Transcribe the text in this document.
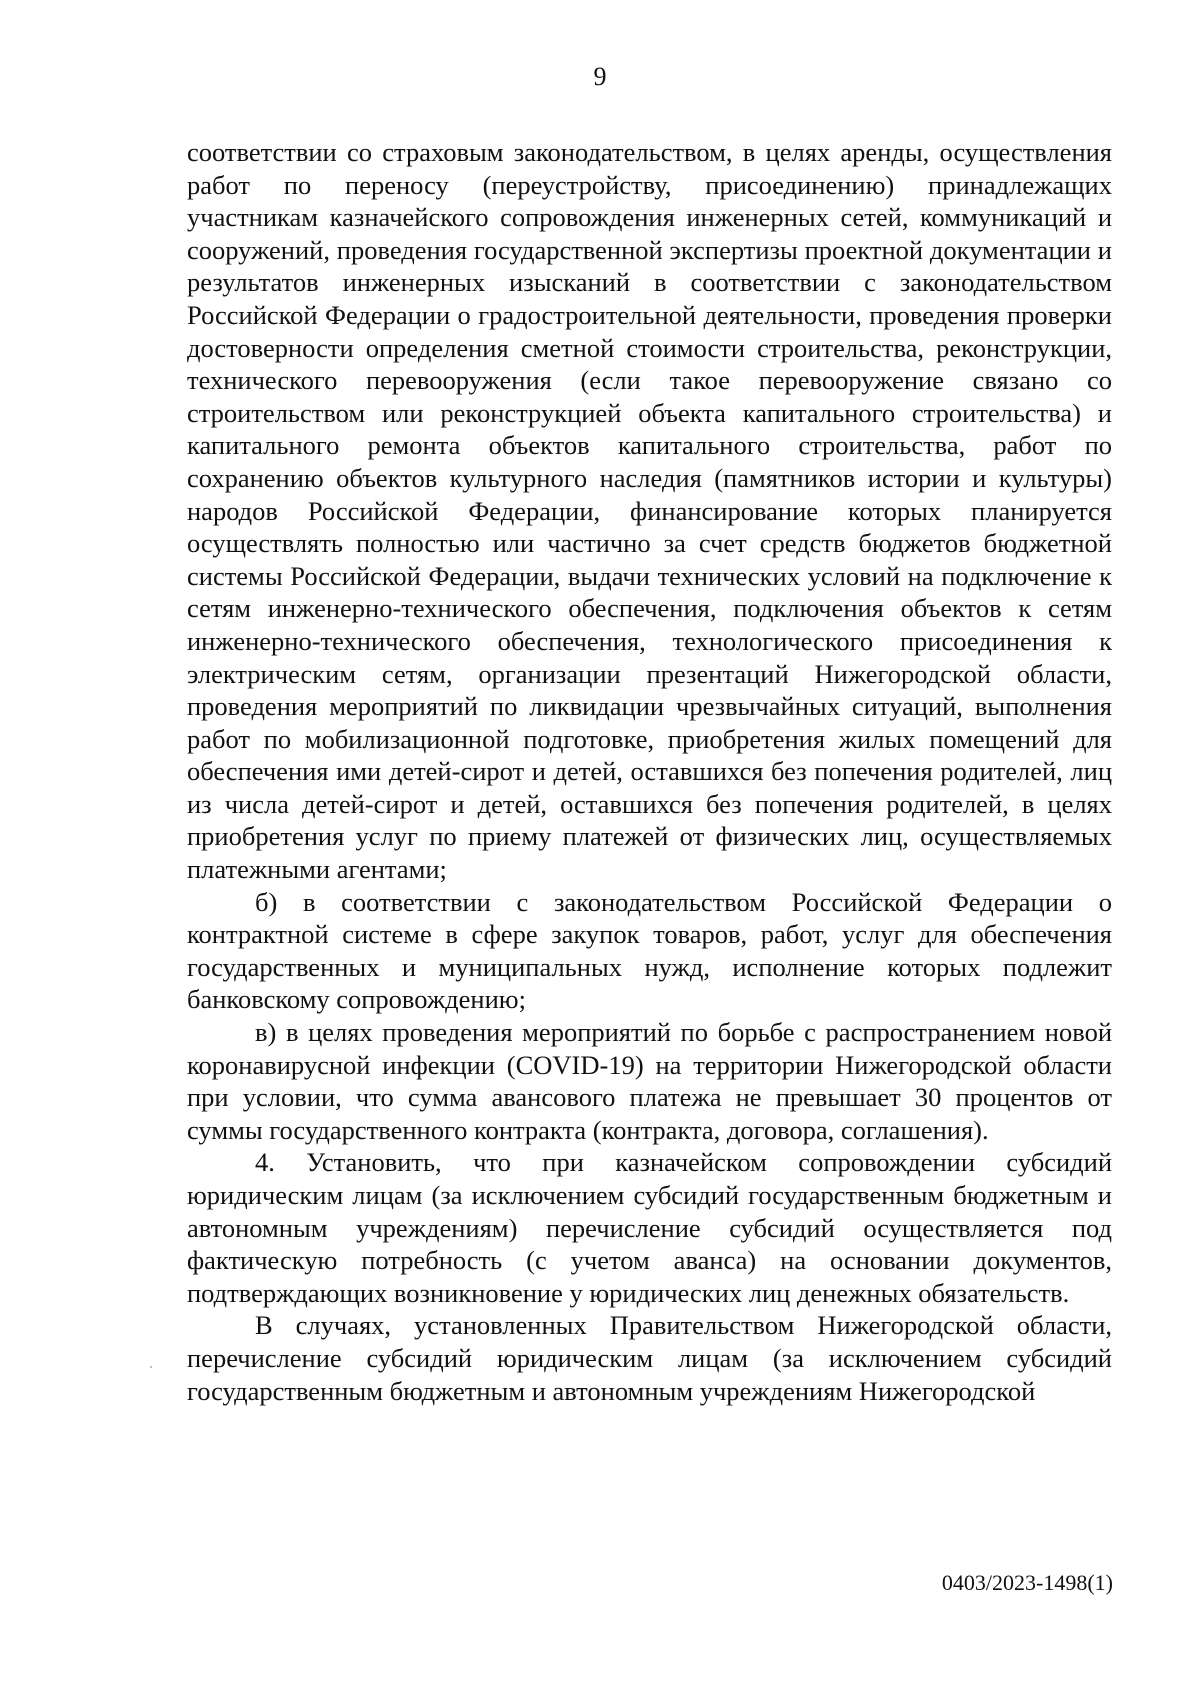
9

соответствии со страховым законодательством, в целях аренды, осуществления работ по переносу (переустройству, присоединению) принадлежащих участникам казначейского сопровождения инженерных сетей, коммуникаций и сооружений, проведения государственной экспертизы проектной документации и результатов инженерных изысканий в соответствии с законодательством Российской Федерации о градостроительной деятельности, проведения проверки достоверности определения сметной стоимости строительства, реконструкции, технического перевооружения (если такое перевооружение связано со строительством или реконструкцией объекта капитального строительства) и капитального ремонта объектов капитального строительства, работ по сохранению объектов культурного наследия (памятников истории и культуры) народов Российской Федерации, финансирование которых планируется осуществлять полностью или частично за счет средств бюджетов бюджетной системы Российской Федерации, выдачи технических условий на подключение к сетям инженерно-технического обеспечения, подключения объектов к сетям инженерно-технического обеспечения, технологического присоединения к электрическим сетям, организации презентаций Нижегородской области, проведения мероприятий по ликвидации чрезвычайных ситуаций, выполнения работ по мобилизационной подготовке, приобретения жилых помещений для обеспечения ими детей-сирот и детей, оставшихся без попечения родителей, лиц из числа детей-сирот и детей, оставшихся без попечения родителей, в целях приобретения услуг по приему платежей от физических лиц, осуществляемых платежными агентами;

б) в соответствии с законодательством Российской Федерации о контрактной системе в сфере закупок товаров, работ, услуг для обеспечения государственных и муниципальных нужд, исполнение которых подлежит банковскому сопровождению;

в) в целях проведения мероприятий по борьбе с распространением новой коронавирусной инфекции (COVID-19) на территории Нижегородской области при условии, что сумма авансового платежа не превышает 30 процентов от суммы государственного контракта (контракта, договора, соглашения).

4. Установить, что при казначейском сопровождении субсидий юридическим лицам (за исключением субсидий государственным бюджетным и автономным учреждениям) перечисление субсидий осуществляется под фактическую потребность (с учетом аванса) на основании документов, подтверждающих возникновение у юридических лиц денежных обязательств.

В случаях, установленных Правительством Нижегородской области, перечисление субсидий юридическим лицам (за исключением субсидий государственным бюджетным и автономным учреждениям Нижегородской

0403/2023-1498(1)
